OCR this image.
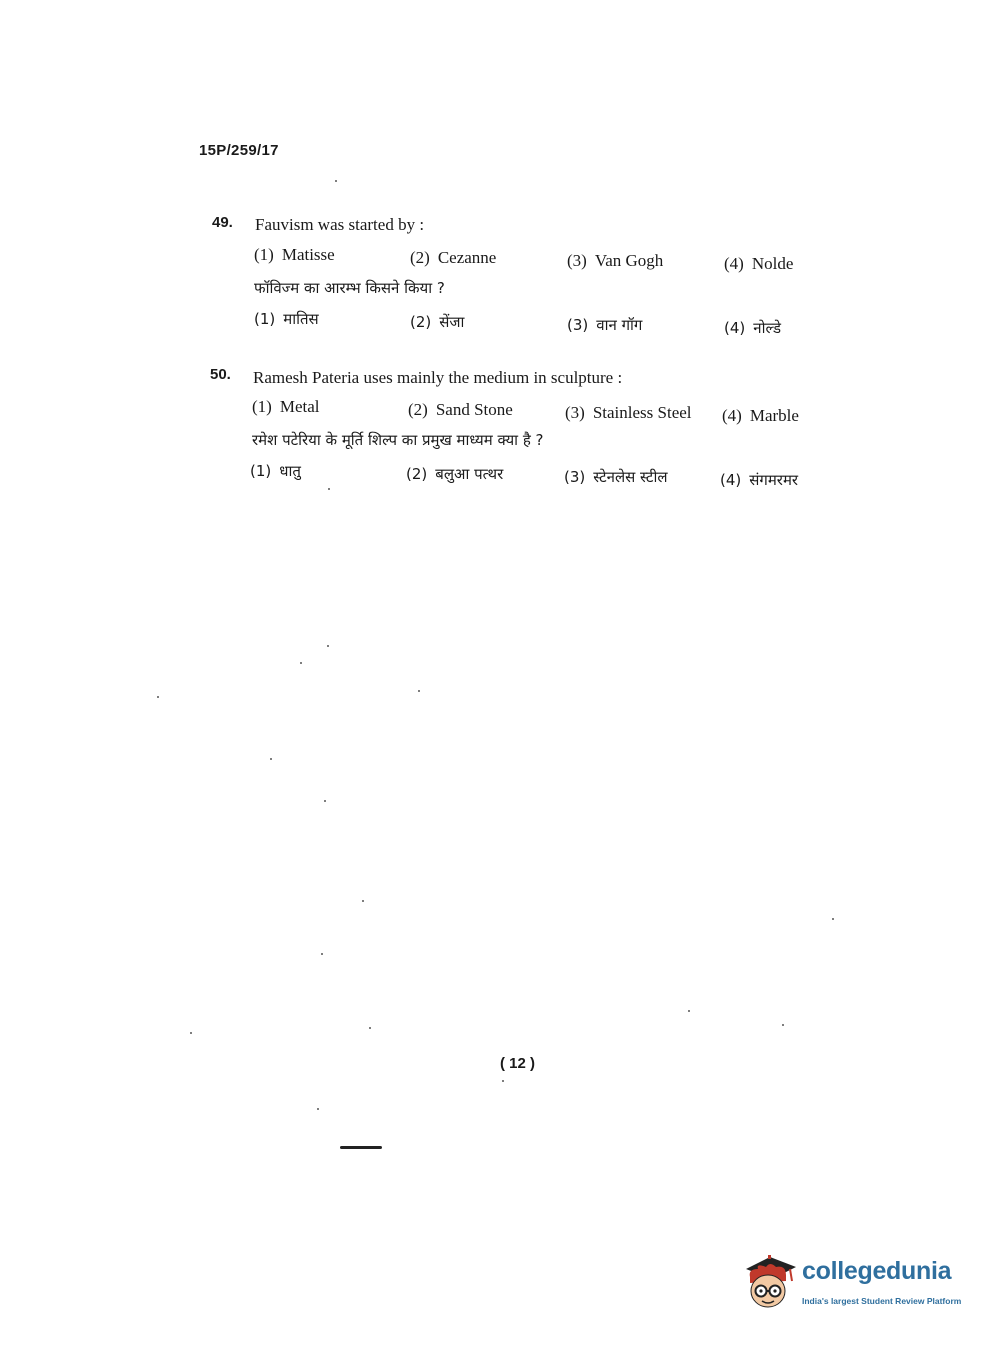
15P/259/17
49. Fauvism was started by :
(1) Matisse	(2) Cezanne	(3) Van Gogh	(4) Nolde
फॉविज्म का आरम्भ किसने किया ?
(1) मातिस	(2) सेंजा	(3) वान गॉग	(4) नोल्डे
50. Ramesh Pateria uses mainly the medium in sculpture :
(1) Metal	(2) Sand Stone	(3) Stainless Steel (4) Marble
रमेश पटेरिया के मूर्ति शिल्प का प्रमुख माध्यम क्या है ?
(1) धातु	(2) बलुआ पत्थर	(3) स्टेनलेस स्टील	(4) संगमरमर
( 12 )
collegedunia
India's largest Student Review Platform
